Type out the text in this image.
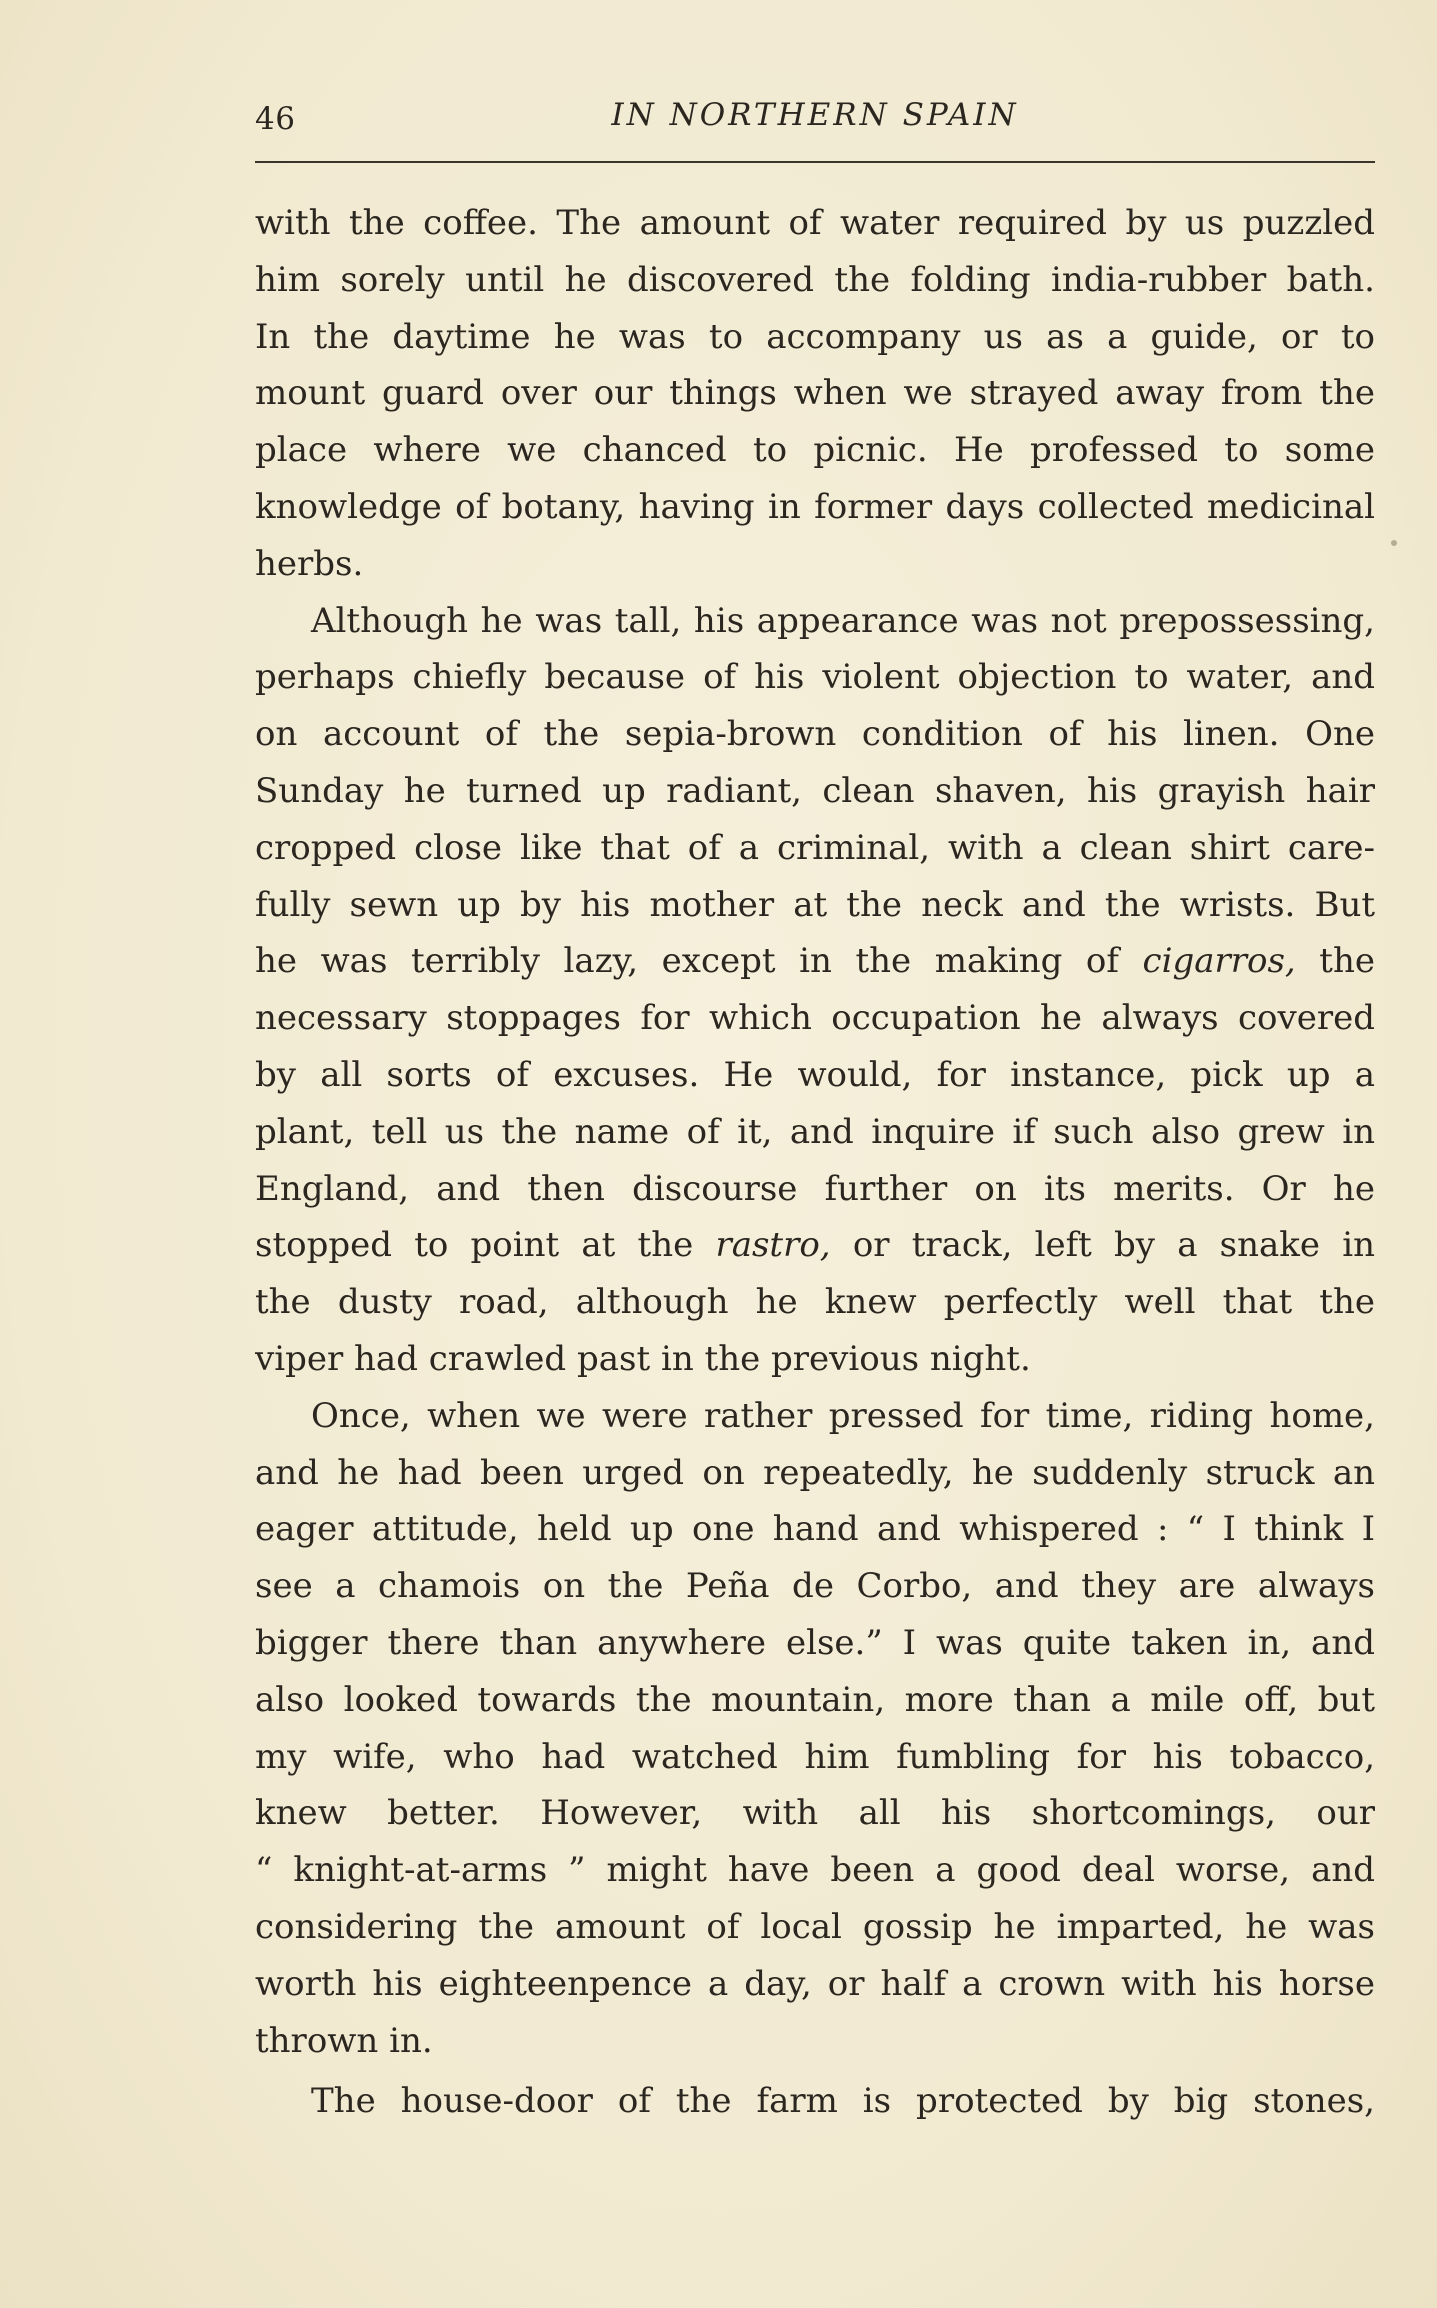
46	IN NORTHERN SPAIN
with the coffee. The amount of water required by us puzzled
him sorely until he discovered the folding india-rubber bath.
In the daytime he was to accompany us as a guide, or to
mount guard over our things when we strayed away from the
place where we chanced to picnic. He professed to some
knowledge of botany, having in former days collected medicinal
herbs.
Although he was tall, his appearance was not prepossessing,
perhaps chiefly because of his violent objection to water, and
on account of the sepia-brown condition of his linen. One
Sunday he turned up radiant, clean shaven, his grayish hair
cropped close like that of a criminal, with a clean shirt care-
fully sewn up by his mother at the neck and the wrists. But
he was terribly lazy, except in the making of cigarros, the
necessary stoppages for which occupation he always covered
by all sorts of excuses. He would, for instance, pick up a
plant, tell us the name of it, and inquire if such also grew in
England, and then discourse further on its merits. Or he
stopped to point at the rastro, or track, left by a snake in
the dusty road, although he knew perfectly well that the
viper had crawled past in the previous night.
Once, when we were rather pressed for time, riding home,
and he had been urged on repeatedly, he suddenly struck an
eager attitude, held up one hand and whispered : “ I think I
see a chamois on the Peña de Corbo, and they are always
bigger there than anywhere else.” I was quite taken in, and
also looked towards the mountain, more than a mile off, but
my wife, who had watched him fumbling for his tobacco,
knew better. However, with all his shortcomings, our
“ knight-at-arms ” might have been a good deal worse, and
considering the amount of local gossip he imparted, he was
worth his eighteenpence a day, or half a crown with his horse
thrown in.
The house-door of the farm is protected by big stones,
